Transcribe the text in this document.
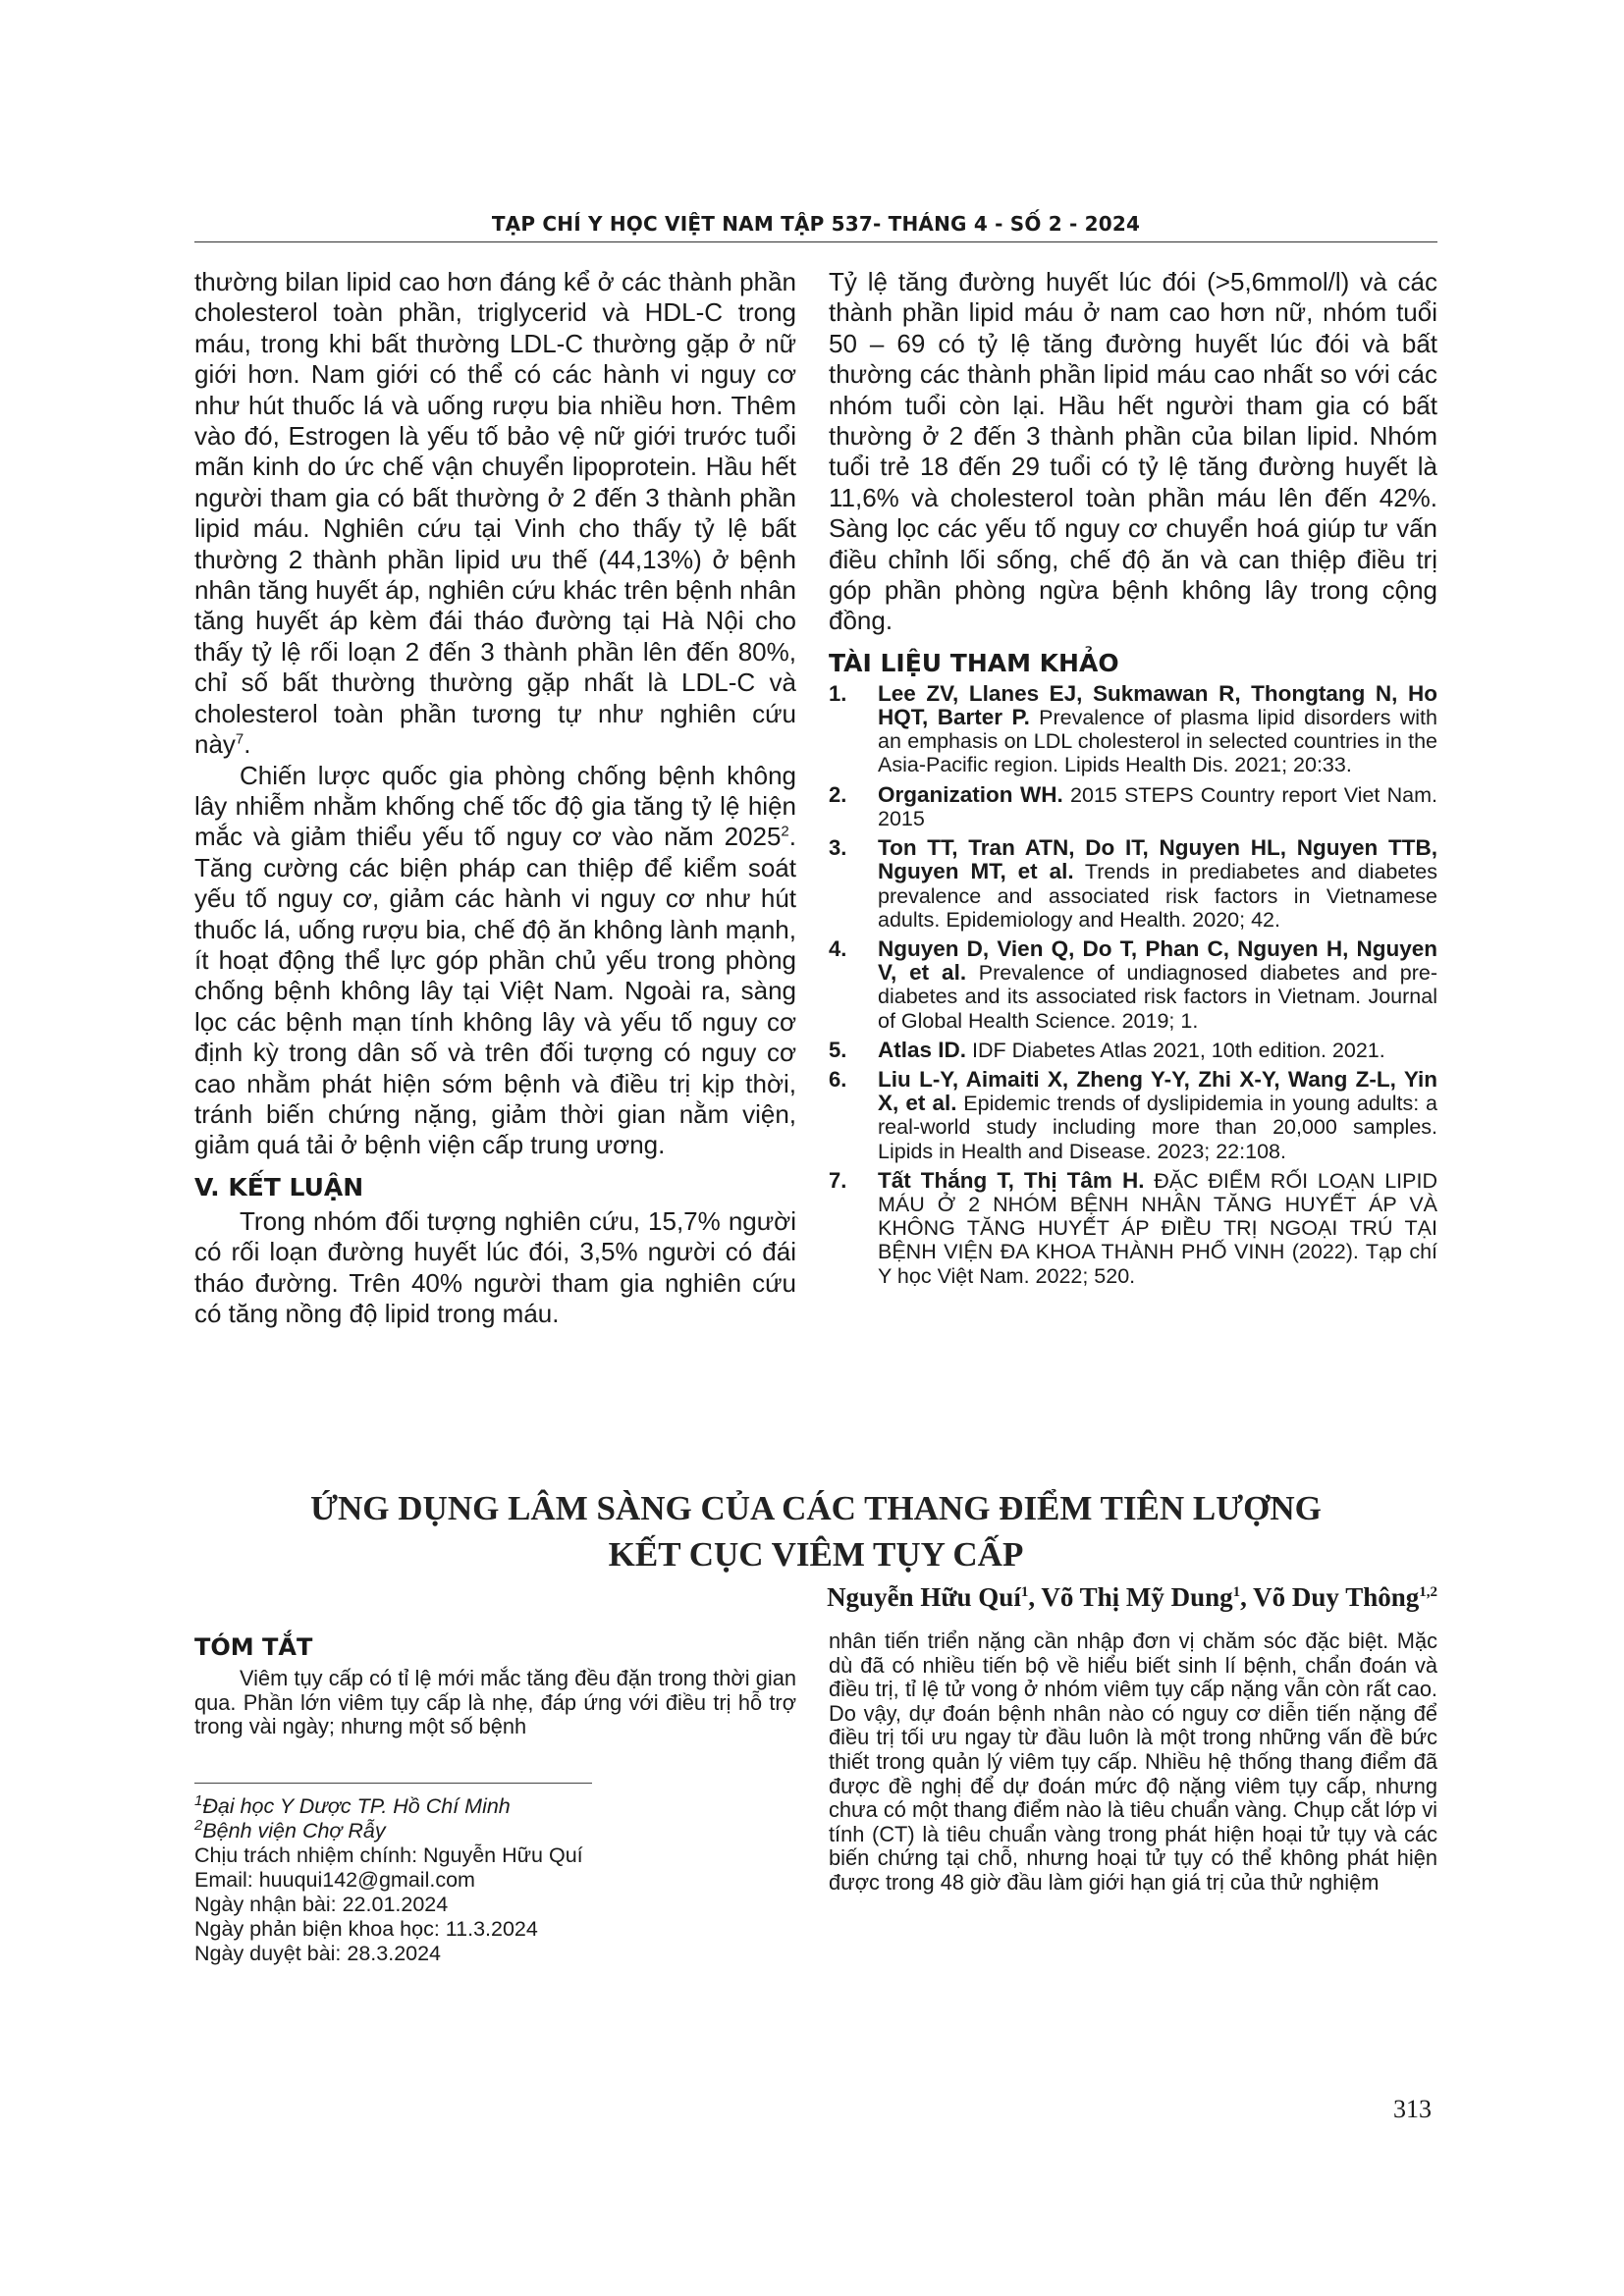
TẠP CHÍ Y HỌC VIỆT NAM TẬP 537- THÁNG 4 - SỐ 2 - 2024

thường bilan lipid cao hơn đáng kể ở các thành phần cholesterol toàn phần, triglycerid và HDL-C trong máu, trong khi bất thường LDL-C thường gặp ở nữ giới hơn. Nam giới có thể có các hành vi nguy cơ như hút thuốc lá và uống rượu bia nhiều hơn. Thêm vào đó, Estrogen là yếu tố bảo vệ nữ giới trước tuổi mãn kinh do ức chế vận chuyển lipoprotein. Hầu hết người tham gia có bất thường ở 2 đến 3 thành phần lipid máu. Nghiên cứu tại Vinh cho thấy tỷ lệ bất thường 2 thành phần lipid ưu thế (44,13%) ở bệnh nhân tăng huyết áp, nghiên cứu khác trên bệnh nhân tăng huyết áp kèm đái tháo đường tại Hà Nội cho thấy tỷ lệ rối loạn 2 đến 3 thành phần lên đến 80%, chỉ số bất thường thường gặp nhất là LDL-C và cholesterol toàn phần tương tự như nghiên cứu này$^7$.

Chiến lược quốc gia phòng chống bệnh không lây nhiễm nhằm khống chế tốc độ gia tăng tỷ lệ hiện mắc và giảm thiểu yếu tố nguy cơ vào năm 2025$^2$. Tăng cường các biện pháp can thiệp để kiểm soát yếu tố nguy cơ, giảm các hành vi nguy cơ như hút thuốc lá, uống rượu bia, chế độ ăn không lành mạnh, ít hoạt động thể lực góp phần chủ yếu trong phòng chống bệnh không lây tại Việt Nam. Ngoài ra, sàng lọc các bệnh mạn tính không lây và yếu tố nguy cơ định kỳ trong dân số và trên đối tượng có nguy cơ cao nhằm phát hiện sớm bệnh và điều trị kịp thời, tránh biến chứng nặng, giảm thời gian nằm viện, giảm quá tải ở bệnh viện cấp trung ương.

V. KẾT LUẬN

Trong nhóm đối tượng nghiên cứu, 15,7% người có rối loạn đường huyết lúc đói, 3,5% người có đái tháo đường. Trên 40% người tham gia nghiên cứu có tăng nồng độ lipid trong máu.

Tỷ lệ tăng đường huyết lúc đói (>5,6mmol/l) và các thành phần lipid máu ở nam cao hơn nữ, nhóm tuổi 50 – 69 có tỷ lệ tăng đường huyết lúc đói và bất thường các thành phần lipid máu cao nhất so với các nhóm tuổi còn lại. Hầu hết người tham gia có bất thường ở 2 đến 3 thành phần của bilan lipid. Nhóm tuổi trẻ 18 đến 29 tuổi có tỷ lệ tăng đường huyết là 11,6% và cholesterol toàn phần máu lên đến 42%. Sàng lọc các yếu tố nguy cơ chuyển hoá giúp tư vấn điều chỉnh lối sống, chế độ ăn và can thiệp điều trị góp phần phòng ngừa bệnh không lây trong cộng đồng.

TÀI LIỆU THAM KHẢO
1. Lee ZV, Llanes EJ, Sukmawan R, Thongtang N, Ho HQT, Barter P. Prevalence of plasma lipid disorders with an emphasis on LDL cholesterol in selected countries in the Asia-Pacific region. Lipids Health Dis. 2021; 20:33.
2. Organization WH. 2015 STEPS Country report Viet Nam. 2015
3. Ton TT, Tran ATN, Do IT, Nguyen HL, Nguyen TTB, Nguyen MT, et al. Trends in prediabetes and diabetes prevalence and associated risk factors in Vietnamese adults. Epidemiology and Health. 2020; 42.
4. Nguyen D, Vien Q, Do T, Phan C, Nguyen H, Nguyen V, et al. Prevalence of undiagnosed diabetes and pre-diabetes and its associated risk factors in Vietnam. Journal of Global Health Science. 2019; 1.
5. Atlas ID. IDF Diabetes Atlas 2021, 10th edition. 2021.
6. Liu L-Y, Aimaiti X, Zheng Y-Y, Zhi X-Y, Wang Z-L, Yin X, et al. Epidemic trends of dyslipidemia in young adults: a real-world study including more than 20,000 samples. Lipids in Health and Disease. 2023; 22:108.
7. Tất Thắng T, Thị Tâm H. ĐẶC ĐIỂM RỐI LOẠN LIPID MÁU Ở 2 NHÓM BỆNH NHÂN TĂNG HUYẾT ÁP VÀ KHÔNG TĂNG HUYẾT ÁP ĐIỀU TRỊ NGOẠI TRÚ TẠI BỆNH VIỆN ĐA KHOA THÀNH PHỐ VINH (2022). Tạp chí Y học Việt Nam. 2022; 520.
ỨNG DỤNG LÂM SÀNG CỦA CÁC THANG ĐIỂM TIÊN LƯỢNG
KẾT CỤC VIÊM TỤY CẤP
Nguyễn Hữu Quí$^1$, Võ Thị Mỹ Dung$^1$, Võ Duy Thông$^{1,2}$
TÓM TẮT

Viêm tụy cấp có tỉ lệ mới mắc tăng đều đặn trong thời gian qua. Phần lớn viêm tụy cấp là nhẹ, đáp ứng với điều trị hỗ trợ trong vài ngày; nhưng một số bệnh

nhân tiến triển nặng cần nhập đơn vị chăm sóc đặc biệt. Mặc dù đã có nhiều tiến bộ về hiểu biết sinh lí bệnh, chẩn đoán và điều trị, tỉ lệ tử vong ở nhóm viêm tụy cấp nặng vẫn còn rất cao. Do vậy, dự đoán bệnh nhân nào có nguy cơ diễn tiến nặng để điều trị tối ưu ngay từ đầu luôn là một trong những vấn đề bức thiết trong quản lý viêm tụy cấp. Nhiều hệ thống thang điểm đã được đề nghị để dự đoán mức độ nặng viêm tụy cấp, nhưng chưa có một thang điểm nào là tiêu chuẩn vàng. Chụp cắt lớp vi tính (CT) là tiêu chuẩn vàng trong phát hiện hoại tử tụy và các biến chứng tại chỗ, nhưng hoại tử tụy có thể không phát hiện được trong 48 giờ đầu làm giới hạn giá trị của thử nghiệm
$^1$Đại học Y Dược TP. Hồ Chí Minh
$^2$Bệnh viện Chợ Rẫy
Chịu trách nhiệm chính: Nguyễn Hữu Quí
Email: huuqui142@gmail.com
Ngày nhận bài: 22.01.2024
Ngày phản biện khoa học: 11.3.2024
Ngày duyệt bài: 28.3.2024
313
